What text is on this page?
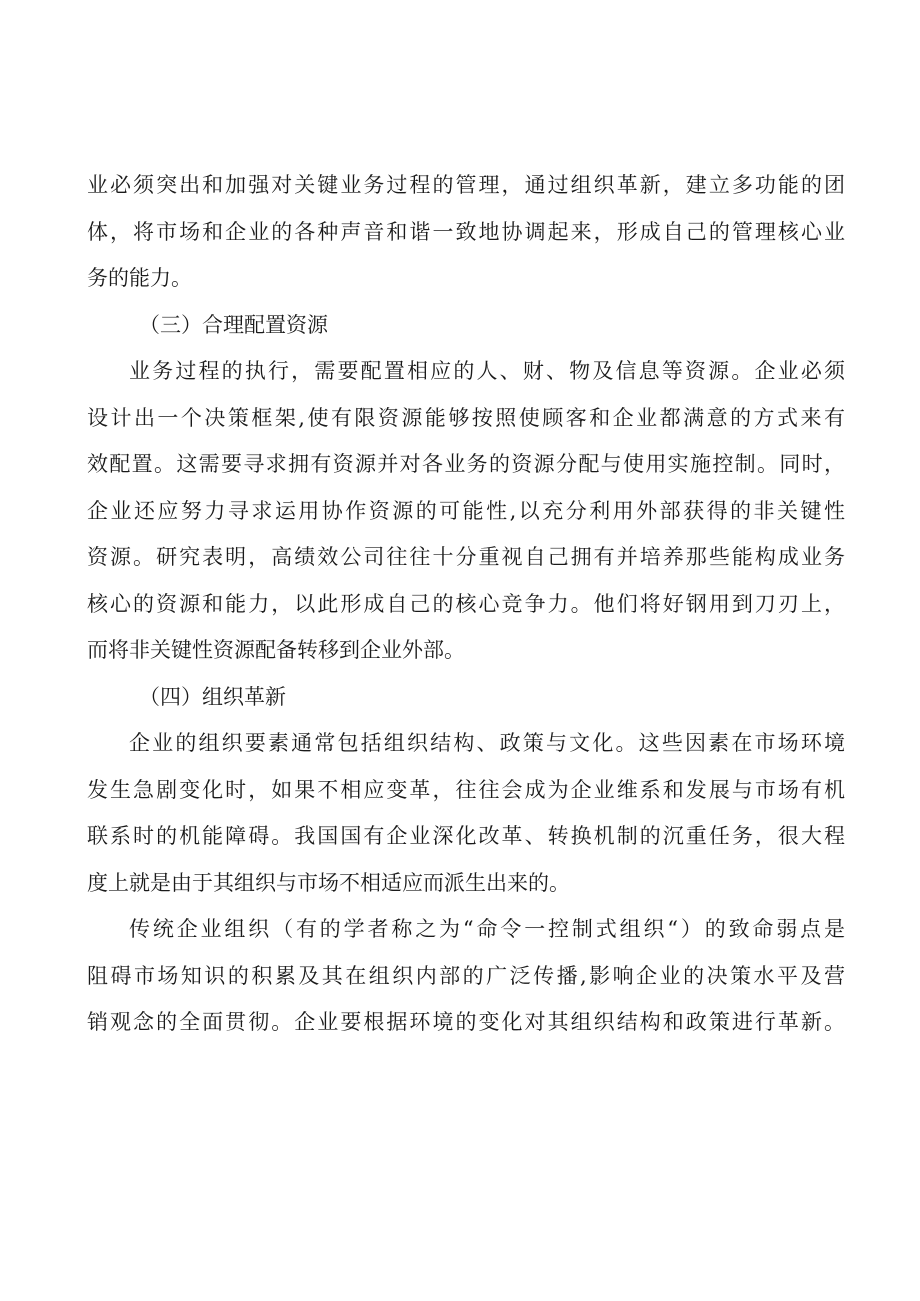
业必须突出和加强对关键业务过程的管理，通过组织革新，建立多功能的团
体，将市场和企业的各种声音和谐一致地协调起来，形成自己的管理核心业
务的能力。
（三）合理配置资源
业务过程的执行，需要配置相应的人、财、物及信息等资源。企业必须
设计出一个决策框架,使有限资源能够按照使顾客和企业都满意的方式来有
效配置。这需要寻求拥有资源并对各业务的资源分配与使用实施控制。同时，
企业还应努力寻求运用协作资源的可能性,以充分利用外部获得的非关键性
资源。研究表明，高绩效公司往往十分重视自己拥有并培养那些能构成业务
核心的资源和能力，以此形成自己的核心竞争力。他们将好钢用到刀刃上，
而将非关键性资源配备转移到企业外部。
（四）组织革新
企业的组织要素通常包括组织结构、政策与文化。这些因素在市场环境
发生急剧变化时，如果不相应变革，往往会成为企业维系和发展与市场有机
联系时的机能障碍。我国国有企业深化改革、转换机制的沉重任务，很大程
度上就是由于其组织与市场不相适应而派生出来的。
传统企业组织（有的学者称之为“命令一控制式组织“）的致命弱点是
阻碍市场知识的积累及其在组织内部的广泛传播,影响企业的决策水平及营
销观念的全面贯彻。企业要根据环境的变化对其组织结构和政策进行革新。
